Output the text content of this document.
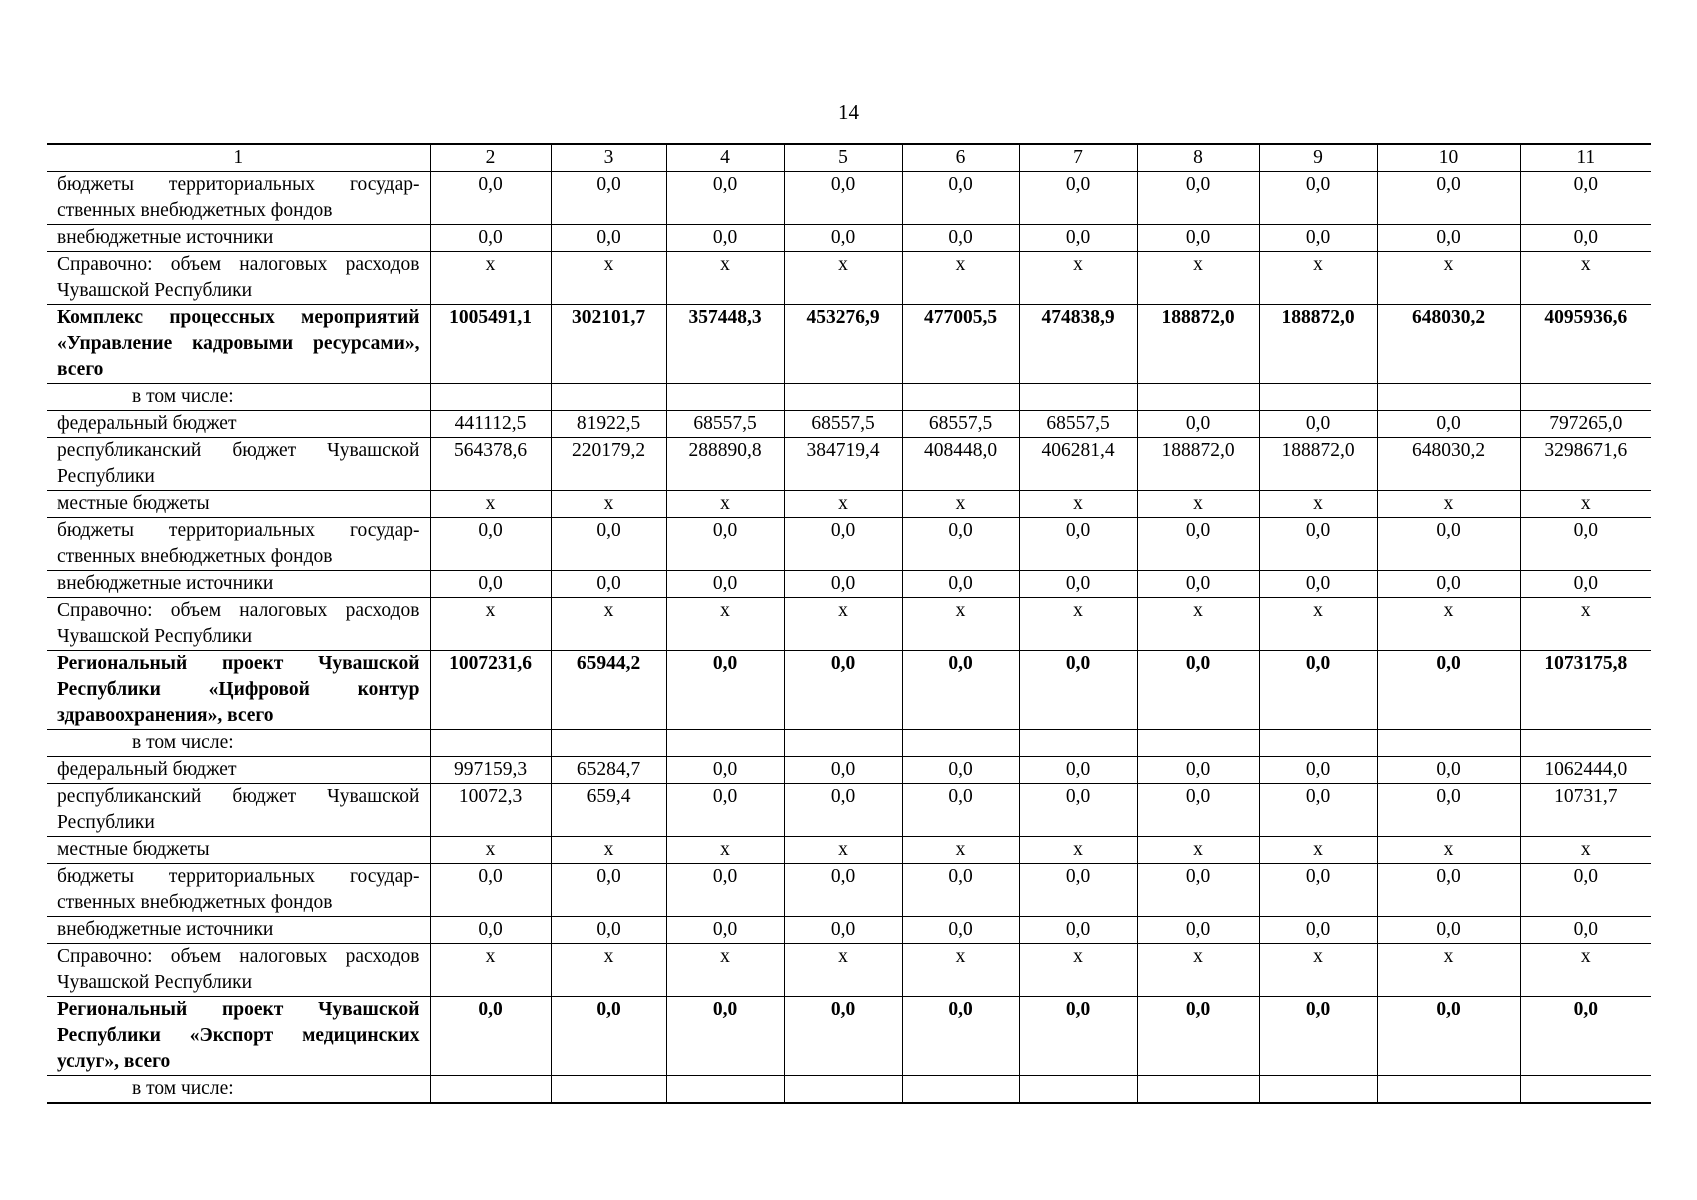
14
1	2	3	4	5	6	7	8	9	10	11
бюджеты территориальных государственных внебюджетных фондов	0,0	0,0	0,0	0,0	0,0	0,0	0,0	0,0	0,0	0,0
внебюджетные источники	0,0	0,0	0,0	0,0	0,0	0,0	0,0	0,0	0,0	0,0
Справочно: объем налоговых расходов Чувашской Республики	х	х	х	х	х	х	х	х	х	х
Комплекс процессных мероприятий «Управление кадровыми ресурсами», всего	1005491,1	302101,7	357448,3	453276,9	477005,5	474838,9	188872,0	188872,0	648030,2	4095936,6
в том числе:										
федеральный бюджет	441112,5	81922,5	68557,5	68557,5	68557,5	68557,5	0,0	0,0	0,0	797265,0
республиканский бюджет Чувашской Республики	564378,6	220179,2	288890,8	384719,4	408448,0	406281,4	188872,0	188872,0	648030,2	3298671,6
местные бюджеты	х	х	х	х	х	х	х	х	х	х
бюджеты территориальных государственных внебюджетных фондов	0,0	0,0	0,0	0,0	0,0	0,0	0,0	0,0	0,0	0,0
внебюджетные источники	0,0	0,0	0,0	0,0	0,0	0,0	0,0	0,0	0,0	0,0
Справочно: объем налоговых расходов Чувашской Республики	х	х	х	х	х	х	х	х	х	х
Региональный проект Чувашской Республики «Цифровой контур здравоохранения», всего	1007231,6	65944,2	0,0	0,0	0,0	0,0	0,0	0,0	0,0	1073175,8
в том числе:										
федеральный бюджет	997159,3	65284,7	0,0	0,0	0,0	0,0	0,0	0,0	0,0	1062444,0
республиканский бюджет Чувашской Республики	10072,3	659,4	0,0	0,0	0,0	0,0	0,0	0,0	0,0	10731,7
местные бюджеты	х	х	х	х	х	х	х	х	х	х
бюджеты территориальных государственных внебюджетных фондов	0,0	0,0	0,0	0,0	0,0	0,0	0,0	0,0	0,0	0,0
внебюджетные источники	0,0	0,0	0,0	0,0	0,0	0,0	0,0	0,0	0,0	0,0
Справочно: объем налоговых расходов Чувашской Республики	х	х	х	х	х	х	х	х	х	х
Региональный проект Чувашской Республики «Экспорт медицинских услуг», всего	0,0	0,0	0,0	0,0	0,0	0,0	0,0	0,0	0,0	0,0
в том числе:										
